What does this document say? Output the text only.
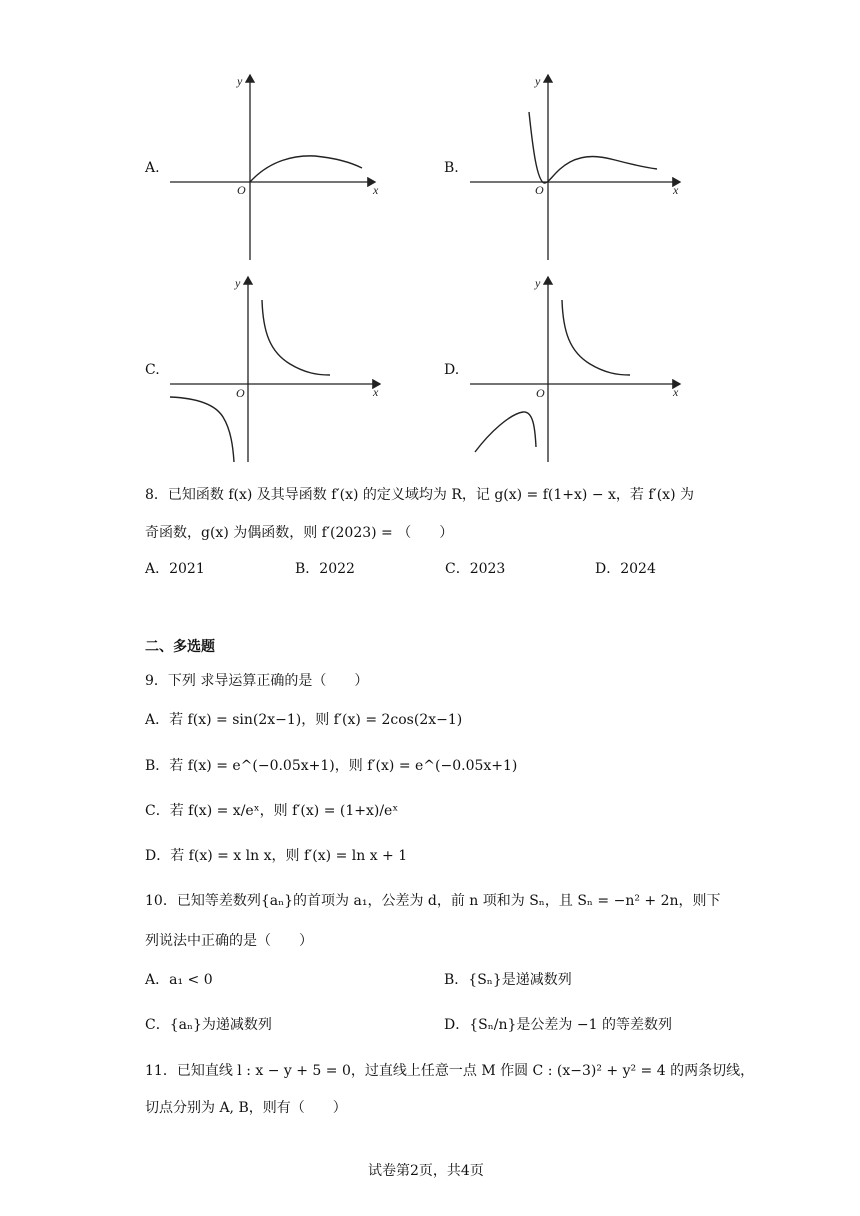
A.
y
x
O
B.
y
x
O
C.
y
x
O
D.
y
x
O
8．已知函数 f(x) 及其导函数 f′(x) 的定义域均为 R，记 g(x) = f(1+x) − x，若 f′(x) 为
奇函数，g(x) 为偶函数，则 f′(2023) = （　　）
A．2021	B．2022	C．2023	D．2024
二、多选题
9．下列 求导运算正确的是（　　）
A．若 f(x) = sin(2x−1)，则 f′(x) = 2cos(2x−1)
B．若 f(x) = e^(−0.05x+1)，则 f′(x) = e^(−0.05x+1)
C．若 f(x) = x/eˣ，则 f′(x) = (1+x)/eˣ
D．若 f(x) = x ln x，则 f′(x) = ln x + 1
10．已知等差数列{aₙ}的首项为 a₁，公差为 d，前 n 项和为 Sₙ，且 Sₙ = −n² + 2n，则下
列说法中正确的是（　　）
A．a₁ < 0	B．{Sₙ}是递减数列
C．{aₙ}为递减数列	D．{Sₙ/n}是公差为 −1 的等差数列
11．已知直线 l : x − y + 5 = 0，过直线上任意一点 M 作圆 C : (x−3)² + y² = 4 的两条切线，
切点分别为 A, B，则有（　　）
试卷第2页，共4页
